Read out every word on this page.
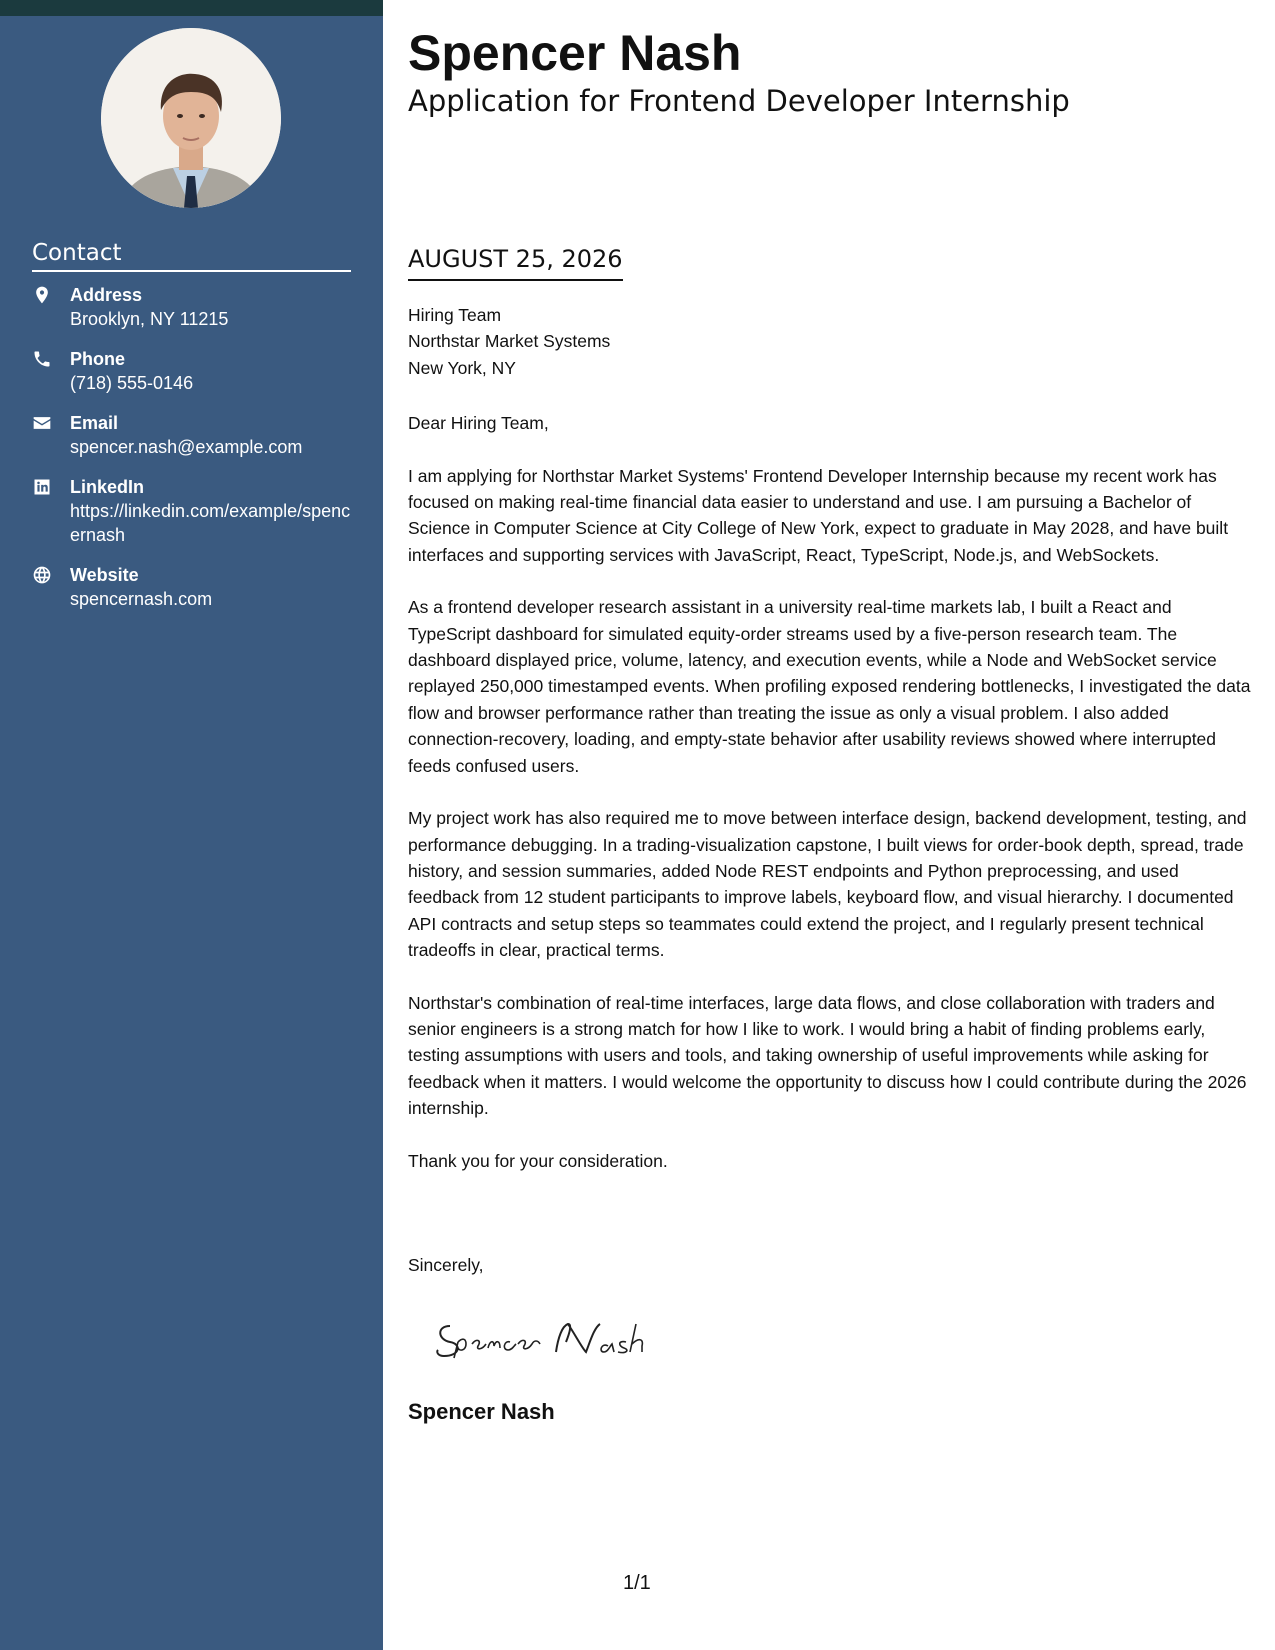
Contact
Address
Brooklyn, NY 11215
Phone
(718) 555-0146
Email
spencer.nash@example.com
LinkedIn
https://linkedin.com/example/spencernash
Website
spencernash.com
Spencer Nash
Application for Frontend Developer Internship
AUGUST 25, 2026

Hiring Team

Northstar Market Systems

New York, NY

Dear Hiring Team,

I am applying for Northstar Market Systems' Frontend Developer Internship because my recent work has focused on making real-time financial data easier to understand and use. I am pursuing a Bachelor of Science in Computer Science at City College of New York, expect to graduate in May 2028, and have built interfaces and supporting services with JavaScript, React, TypeScript, Node.js, and WebSockets.

As a frontend developer research assistant in a university real-time markets lab, I built a React and TypeScript dashboard for simulated equity-order streams used by a five-person research team. The dashboard displayed price, volume, latency, and execution events, while a Node and WebSocket service replayed 250,000 timestamped events. When profiling exposed rendering bottlenecks, I investigated the data flow and browser performance rather than treating the issue as only a visual problem. I also added connection-recovery, loading, and empty-state behavior after usability reviews showed where interrupted feeds confused users.

My project work has also required me to move between interface design, backend development, testing, and performance debugging. In a trading-visualization capstone, I built views for order-book depth, spread, trade history, and session summaries, added Node REST endpoints and Python preprocessing, and used feedback from 12 student participants to improve labels, keyboard flow, and visual hierarchy. I documented API contracts and setup steps so teammates could extend the project, and I regularly present technical tradeoffs in clear, practical terms.

Northstar's combination of real-time interfaces, large data flows, and close collaboration with traders and senior engineers is a strong match for how I like to work. I would bring a habit of finding problems early, testing assumptions with users and tools, and taking ownership of useful improvements while asking for feedback when it matters. I would welcome the opportunity to discuss how I could contribute during the 2026 internship.

Thank you for your consideration.

Sincerely,

Spencer Nash

1/1
